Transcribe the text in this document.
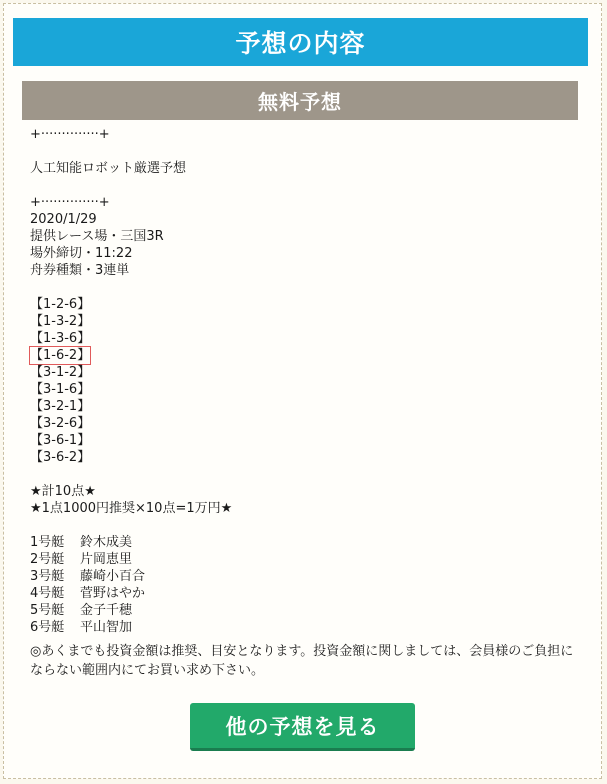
予想の内容
無料予想
+··············+
人工知能ロボット厳選予想
+··············+
2020/1/29
提供レース場・三国3R
場外締切・11:22
舟券種類・3連単
【1-2-6】
【1-3-2】
【1-3-6】
【1-6-2】
【3-1-2】
【3-1-6】
【3-2-1】
【3-2-6】
【3-6-1】
【3-6-2】
★計10点★
★1点1000円推奨×10点=1万円★
1号艇 鈴木成美
2号艇 片岡恵里
3号艇 藤崎小百合
4号艇 菅野はやか
5号艇 金子千穂
6号艇 平山智加
◎あくまでも投資金額は推奨、目安となります。投資金額に関しましては、会員様のご負担にならない範囲内にてお買い求め下さい。
他の予想を見る
